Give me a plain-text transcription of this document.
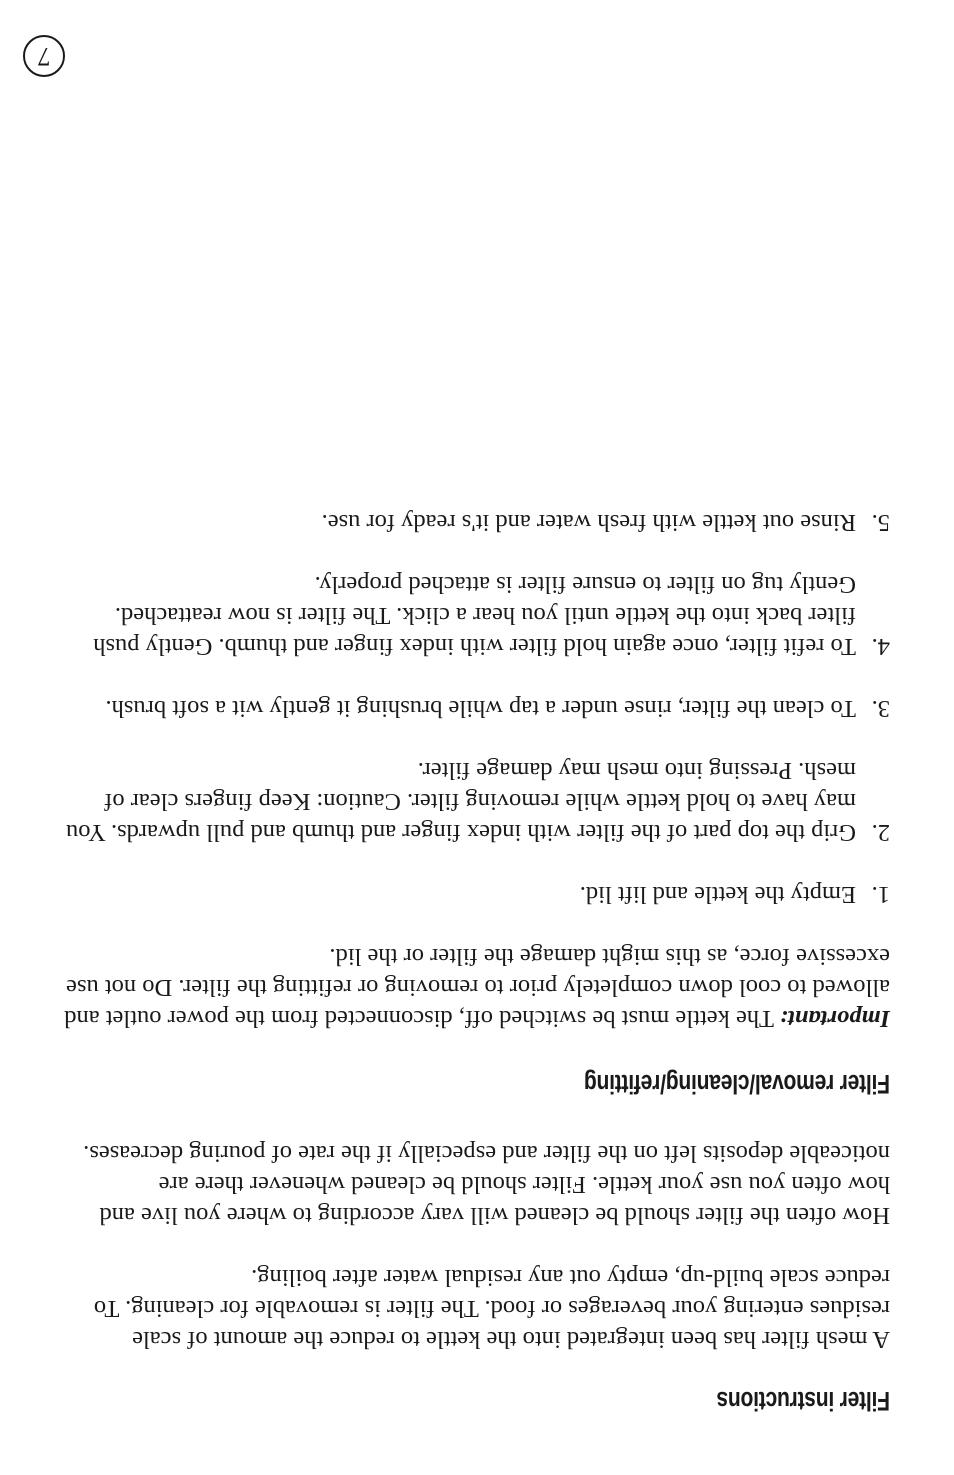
Filter instructions

A mesh filter has been integrated into the kettle to reduce the amount of scale residues entering your beverages or food. The filter is removable for cleaning. To reduce scale build-up, empty out any residual water after boiling.

How often the filter should be cleaned will vary according to where you live and how often you use your kettle. Filter should be cleaned whenever there are noticeable deposits left on the filter and especially if the rate of pouring decreases.

Filter removal/cleaning/refitting

Important: The kettle must be switched off, disconnected from the power outlet and allowed to cool down completely prior to removing or refitting the filter. Do not use excessive force, as this might damage the filter or the lid.

1.
Empty the kettle and lift lid.
2.
Grip the top part of the filter with index finger and thumb and pull upwards. You may have to hold kettle while removing filter. Caution: Keep fingers clear of mesh. Pressing into mesh may damage filter.
3.
To clean the filter, rinse under a tap while brushing it gently wit a soft brush.
4.
To refit filter, once again hold filter with index finger and thumb. Gently push filter back into the kettle until you hear a click. The filter is now reattached. Gently tug on filter to ensure filter is attached properly.
5.
Rinse out kettle with fresh water and it's ready for use.
7
